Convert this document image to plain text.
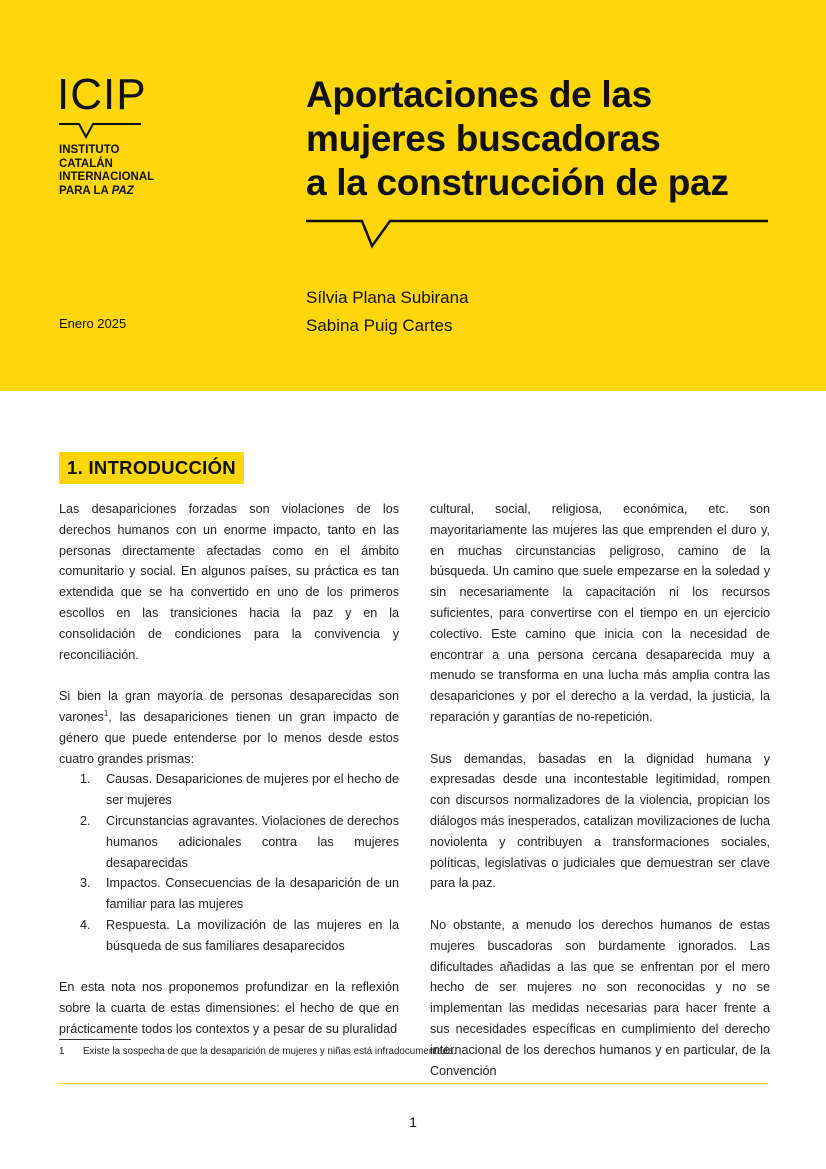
ICIP
INSTITUTO
CATALÁN
INTERNACIONAL
PARA LA PAZ
Enero 2025
Aportaciones de las
mujeres buscadoras
a la construcción de paz
Sílvia Plana Subirana
Sabina Puig Cartes
1. INTRODUCCIÓN

Las desapariciones forzadas son violaciones de los derechos humanos con un enorme impacto, tanto en las personas directamente afectadas como en el ámbito comunitario y social. En algunos países, su práctica es tan extendida que se ha convertido en uno de los primeros escollos en las transiciones hacia la paz y en la consolidación de condiciones para la convivencia y reconciliación.

Si bien la gran mayoría de personas desaparecidas son varones$^1$, las desapariciones tienen un gran impacto de género que puede entenderse por lo menos desde estos cuatro grandes prismas:

1. Causas. Desapariciones de mujeres por el hecho de ser mujeres
2. Circunstancias agravantes. Violaciones de derechos humanos adicionales contra las mujeres desaparecidas
3. Impactos. Consecuencias de la desaparición de un familiar para las mujeres
4. Respuesta. La movilización de las mujeres en la búsqueda de sus familiares desaparecidos

En esta nota nos proponemos profundizar en la reflexión sobre la cuarta de estas dimensiones: el hecho de que en prácticamente todos los contextos y a pesar de su pluralidad

cultural, social, religiosa, económica, etc. son mayoritariamente las mujeres las que emprenden el duro y, en muchas circunstancias peligroso, camino de la búsqueda. Un camino que suele empezarse en la soledad y sin necesariamente la capacitación ni los recursos suficientes, para convertirse con el tiempo en un ejercicio colectivo. Este camino que inicia con la necesidad de encontrar a una persona cercana desaparecida muy a menudo se transforma en una lucha más amplia contra las desapariciones y por el derecho a la verdad, la justicia, la reparación y garantías de no-repetición.

Sus demandas, basadas en la dignidad humana y expresadas desde una incontestable legitimidad, rompen con discursos normalizadores de la violencia, propician los diálogos más inesperados, catalizan movilizaciones de lucha noviolenta y contribuyen a transformaciones sociales, políticas, legislativas o judiciales que demuestran ser clave para la paz.

No obstante, a menudo los derechos humanos de estas mujeres buscadoras son burdamente ignorados. Las dificultades añadidas a las que se enfrentan por el mero hecho de ser mujeres no son reconocidas y no se implementan las medidas necesarias para hacer frente a sus necesidades específicas en cumplimiento del derecho internacional de los derechos humanos y en particular, de la Convención

1 Existe la sospecha de que la desaparición de mujeres y niñas está infradocumentada.
1
